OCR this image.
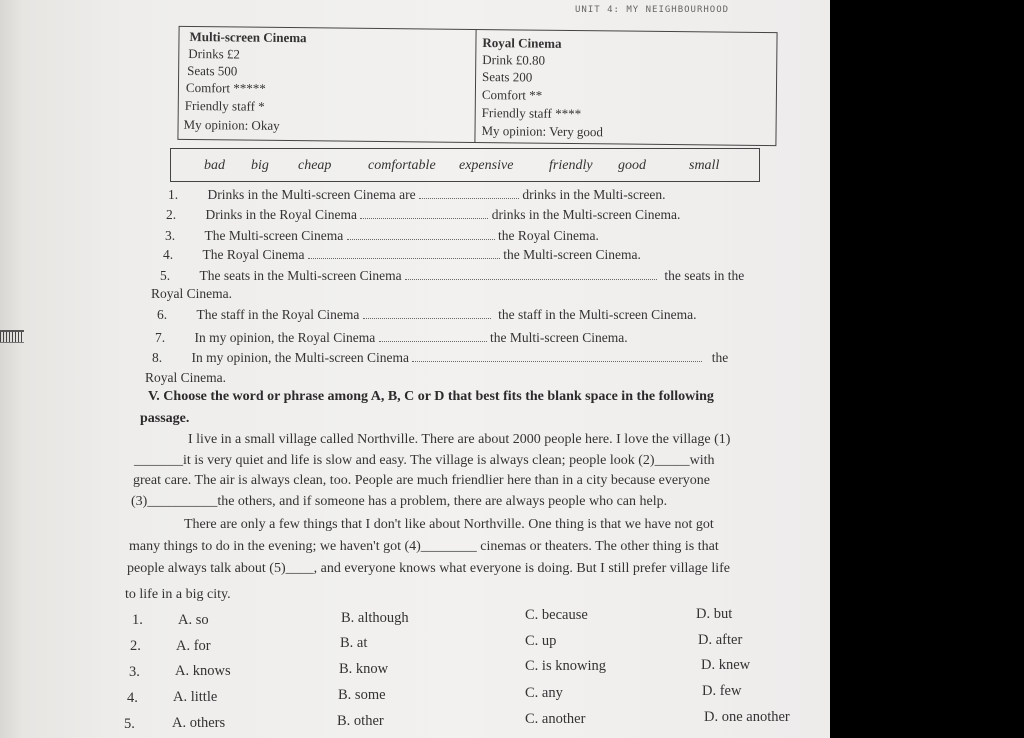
UNIT 4: MY NEIGHBOURHOOD
Multi-screen Cinema
Drinks £2
Seats 500
Comfort *****
Friendly staff *
My opinion: Okay
Royal Cinema
Drink £0.80
Seats 200
Comfort **
Friendly staff ****
My opinion: Very good
bad big cheap	comfortable expensive	friendly good	small
1. Drinks in the Multi-screen Cinema are	drinks in the Multi-screen.
2. Drinks in the Royal Cinema	drinks in the Multi-screen Cinema.
3. The Multi-screen Cinema	the Royal Cinema.
4. The Royal Cinema	the Multi-screen Cinema.
5. The seats in the Multi-screen Cinema	the seats in the
Royal Cinema.
6. The staff in the Royal Cinema	the staff in the Multi-screen Cinema.
7. In my opinion, the Royal Cinema	the Multi-screen Cinema.
8. In my opinion, the Multi-screen Cinema	the
Royal Cinema.
V. Choose the word or phrase among A, B, C or D that best fits the blank space in the following
passage.
I live in a small village called Northville. There are about 2000 people here. I love the village (1)
_______it is very quiet and life is slow and easy. The village is always clean; people look (2)_____with
great care. The air is always clean, too. People are much friendlier here than in a city because everyone
(3)__________the others, and if someone has a problem, there are always people who can help.
There are only a few things that I don't like about Northville. One thing is that we have not got
many things to do in the evening; we haven't got (4)________ cinemas or theaters. The other thing is that
people always talk about (5)____, and everyone knows what everyone is doing. But I still prefer village life
to life in a big city.
1. A. so	B. although	C. because	D. but
2. A. for	B. at	C. up	D. after
3. A. knows	B. know	C. is knowing	D. knew
4. A. little	B. some	C. any	D. few
5.	A. others	B. other	C. another	D. one another
